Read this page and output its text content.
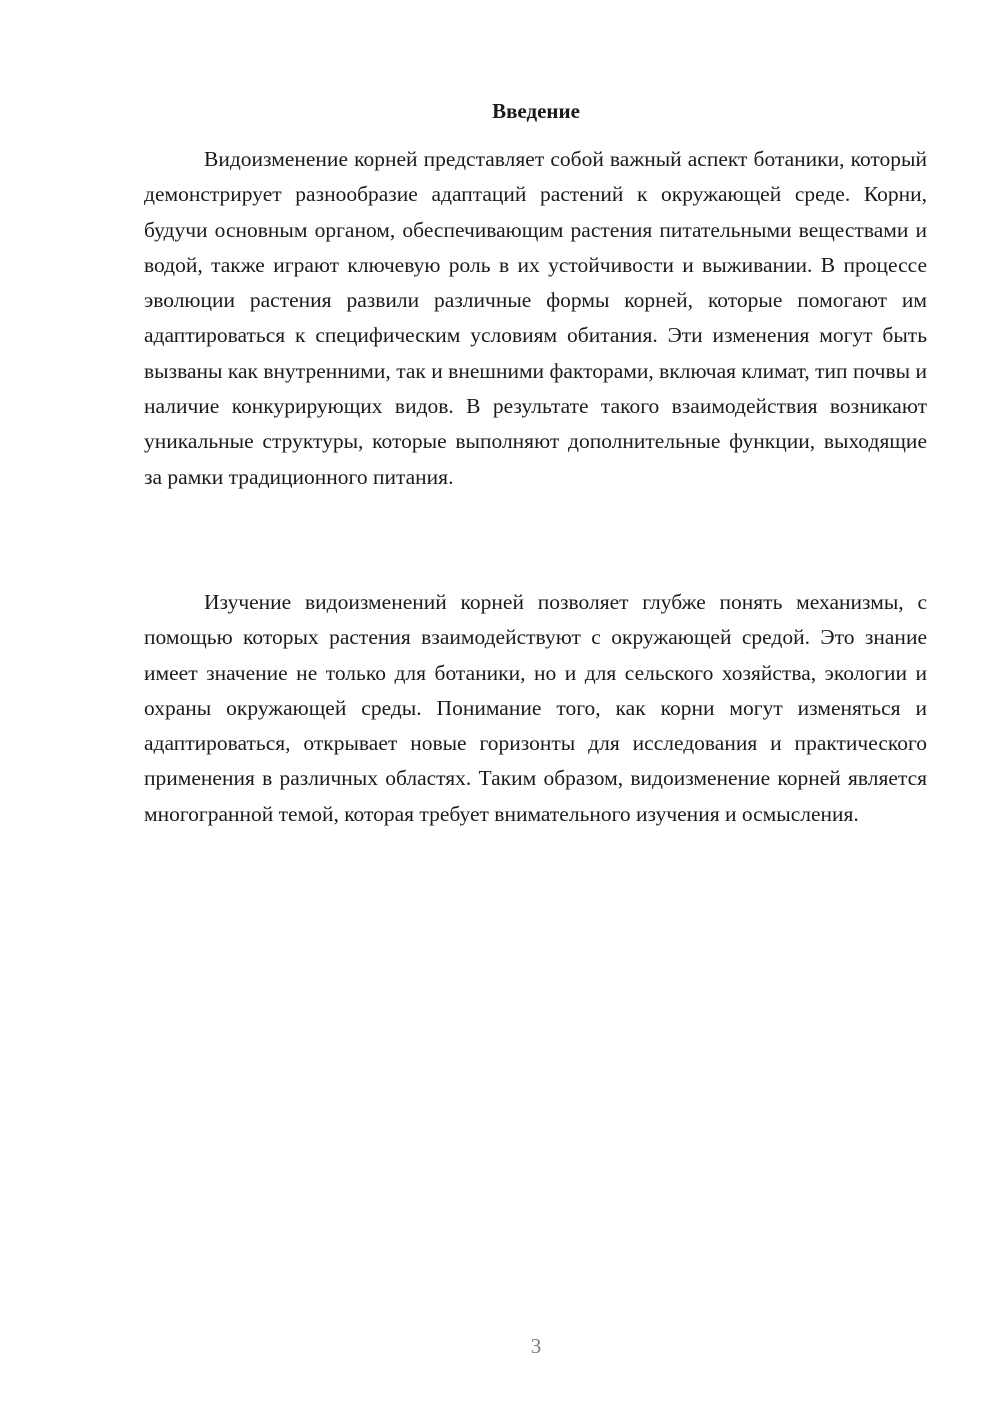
Введение

Видоизменение корней представляет собой важный аспект ботаники, который демонстрирует разнообразие адаптаций растений к окружающей среде. Корни, будучи основным органом, обеспечивающим растения питательными веществами и водой, также играют ключевую роль в их устойчивости и выживании. В процессе эволюции растения развили различные формы корней, которые помогают им адаптироваться к специфическим условиям обитания. Эти изменения могут быть вызваны как внутренними, так и внешними факторами, включая климат, тип почвы и наличие конкурирующих видов. В результате такого взаимодействия возникают уникальные структуры, которые выполняют дополнительные функции, выходящие за рамки традиционного питания.

Изучение видоизменений корней позволяет глубже понять механизмы, с помощью которых растения взаимодействуют с окружающей средой. Это знание имеет значение не только для ботаники, но и для сельского хозяйства, экологии и охраны окружающей среды. Понимание того, как корни могут изменяться и адаптироваться, открывает новые горизонты для исследования и практического применения в различных областях. Таким образом, видоизменение корней является многогранной темой, которая требует внимательного изучения и осмысления.

3
